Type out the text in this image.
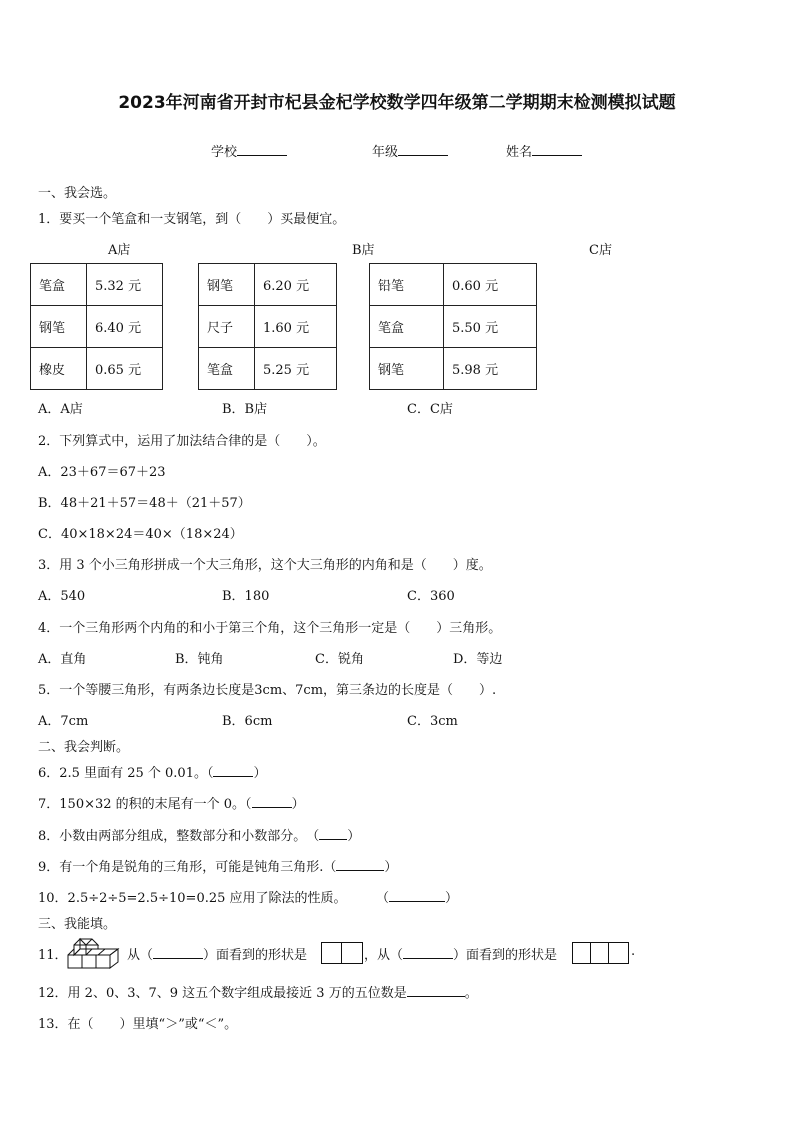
2023年河南省开封市杞县金杞学校数学四年级第二学期期末检测模拟试题
学校	年级	姓名
一、我会选。
1．要买一个笔盒和一支钢笔，到（　　）买最便宜。
A店	B店	C店
笔盒	5.32 元
钢笔	6.40 元
橡皮	0.65 元
钢笔	6.20 元
尺子	1.60 元
笔盒	5.25 元
铅笔	0.60 元
笔盒	5.50 元
钢笔	5.98 元
A．A店	B．B店	C．C店
2．下列算式中，运用了加法结合律的是（　　）。
A．23＋67＝67＋23
B．48＋21＋57＝48＋（21＋57）
C．40×18×24＝40×（18×24）
3．用 3 个小三角形拼成一个大三角形，这个大三角形的内角和是（　　）度。
A．540	B．180	C．360
4．一个三角形两个内角的和小于第三个角，这个三角形一定是（　　）三角形。
A．直角	B．钝角	C．锐角	D．等边
5．一个等腰三角形，有两条边长度是3cm、7cm，第三条边的长度是（　　）.
A．7cm	B．6cm	C．3cm
二、我会判断。
6．2.5 里面有 25 个 0.01。（	）
7．150×32 的积的末尾有一个 0。（	）
8．小数由两部分组成，整数部分和小数部分。　（ ）
9．有一个角是锐角的三角形，可能是钝角三角形.（	）
10．2.5÷2÷5=2.5÷10=0.25 应用了除法的性质。 （	）
三、我能填。
11．	从（	）面看到的形状是	，从（	）面看到的形状是	.
12．用 2、0、3、7、9 这五个数字组成最接近 3 万的五位数是	。
13．在（　　）里填“＞”或“＜”。
